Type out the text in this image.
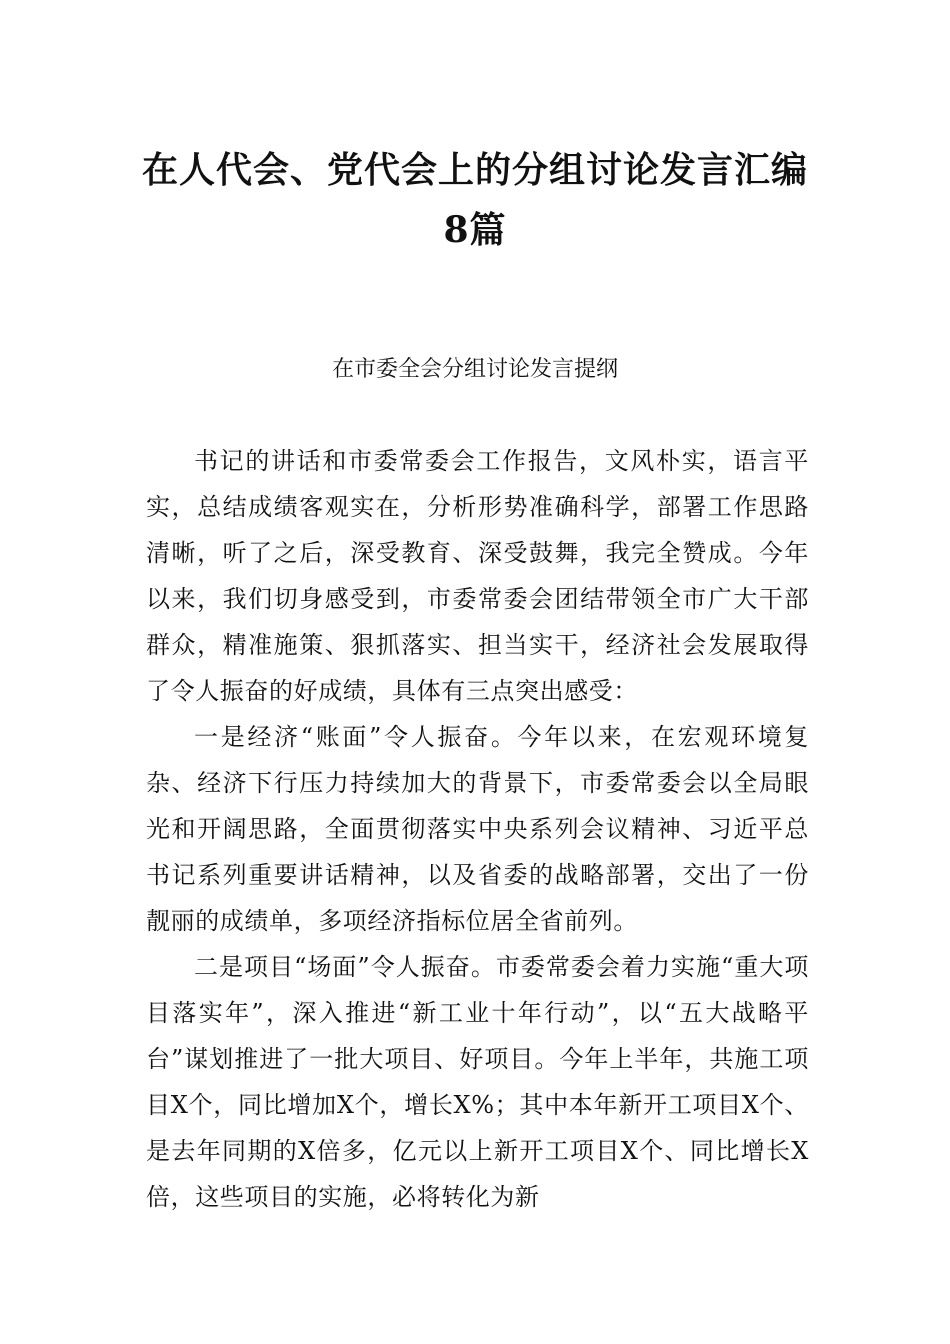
在人代会、党代会上的分组讨论发言汇编8篇
在市委全会分组讨论发言提纲

书记的讲话和市委常委会工作报告，文风朴实，语言平实，总结成绩客观实在，分析形势准确科学，部署工作思路清晰，听了之后，深受教育、深受鼓舞，我完全赞成。今年以来，我们切身感受到，市委常委会团结带领全市广大干部群众，精准施策、狠抓落实、担当实干，经济社会发展取得了令人振奋的好成绩，具体有三点突出感受：

一是经济“账面”令人振奋。今年以来，在宏观环境复杂、经济下行压力持续加大的背景下，市委常委会以全局眼光和开阔思路，全面贯彻落实中央系列会议精神、习近平总书记系列重要讲话精神，以及省委的战略部署，交出了一份靓丽的成绩单，多项经济指标位居全省前列。

二是项目“场面”令人振奋。市委常委会着力实施“重大项目落实年”，深入推进“新工业十年行动”，以“五大战略平台”谋划推进了一批大项目、好项目。今年上半年，共施工项目X个，同比增加X个，增长X%；其中本年新开工项目X个、是去年同期的X倍多，亿元以上新开工项目X个、同比增长X倍，这些项目的实施，必将转化为新
